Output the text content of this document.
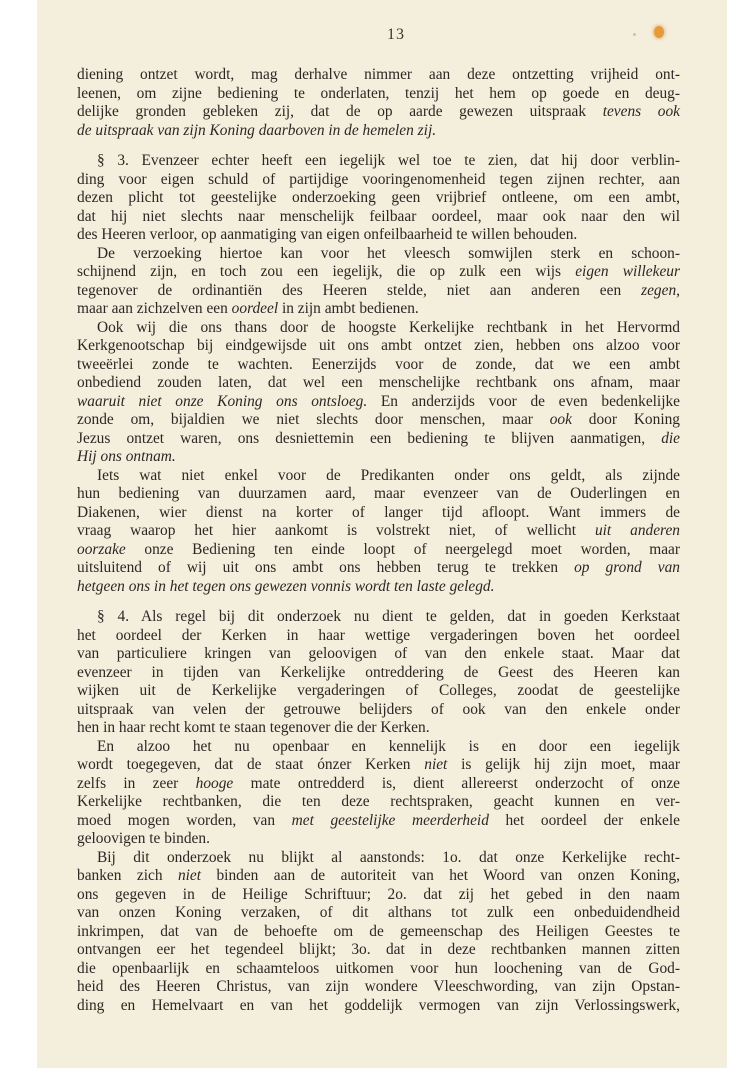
13
diening ontzet wordt, mag derhalve nimmer aan deze ontzetting vrijheid ont-
leenen, om zijne bediening te onderlaten, tenzij het hem op goede en deug-
delijke gronden gebleken zij, dat de op aarde gewezen uitspraak tevens ook
de uitspraak van zijn Koning daarboven in de hemelen zij.
§ 3. Evenzeer echter heeft een iegelijk wel toe te zien, dat hij door verblin-
ding voor eigen schuld of partijdige vooringenomenheid tegen zijnen rechter, aan
dezen plicht tot geestelijke onderzoeking geen vrijbrief ontleene, om een ambt,
dat hij niet slechts naar menschelijk feilbaar oordeel, maar ook naar den wil
des Heeren verloor, op aanmatiging van eigen onfeilbaarheid te willen behouden.
De verzoeking hiertoe kan voor het vleesch somwijlen sterk en schoon-
schijnend zijn, en toch zou een iegelijk, die op zulk een wijs eigen willekeur
tegenover de ordinantiën des Heeren stelde, niet aan anderen een zegen,
maar aan zichzelven een oordeel in zijn ambt bedienen.
Ook wij die ons thans door de hoogste Kerkelijke rechtbank in het Hervormd
Kerkgenootschap bij eindgewijsde uit ons ambt ontzet zien, hebben ons alzoo voor
tweeërlei zonde te wachten. Eenerzijds voor de zonde, dat we een ambt
onbediend zouden laten, dat wel een menschelijke rechtbank ons afnam, maar
waaruit niet onze Koning ons ontsloeg. En anderzijds voor de even bedenkelijke
zonde om, bijaldien we niet slechts door menschen, maar ook door Koning
Jezus ontzet waren, ons desniettemin een bediening te blijven aanmatigen, die
Hij ons ontnam.
Iets wat niet enkel voor de Predikanten onder ons geldt, als zijnde
hun bediening van duurzamen aard, maar evenzeer van de Ouderlingen en
Diakenen, wier dienst na korter of langer tijd afloopt. Want immers de
vraag waarop het hier aankomt is volstrekt niet, of wellicht uit anderen
oorzake onze Bediening ten einde loopt of neergelegd moet worden, maar
uitsluitend of wij uit ons ambt ons hebben terug te trekken op grond van
hetgeen ons in het tegen ons gewezen vonnis wordt ten laste gelegd.
§ 4. Als regel bij dit onderzoek nu dient te gelden, dat in goeden Kerkstaat
het oordeel der Kerken in haar wettige vergaderingen boven het oordeel
van particuliere kringen van geloovigen of van den enkele staat. Maar dat
evenzeer in tijden van Kerkelijke ontreddering de Geest des Heeren kan
wijken uit de Kerkelijke vergaderingen of Colleges, zoodat de geestelijke
uitspraak van velen der getrouwe belijders of ook van den enkele onder
hen in haar recht komt te staan tegenover die der Kerken.
En alzoo het nu openbaar en kennelijk is en door een iegelijk
wordt toegegeven, dat de staat ónzer Kerken niet is gelijk hij zijn moet, maar
zelfs in zeer hooge mate ontredderd is, dient allereerst onderzocht of onze
Kerkelijke rechtbanken, die ten deze rechtspraken, geacht kunnen en ver-
moed mogen worden, van met geestelijke meerderheid het oordeel der enkele
geloovigen te binden.
Bij dit onderzoek nu blijkt al aanstonds: 1o. dat onze Kerkelijke recht-
banken zich niet binden aan de autoriteit van het Woord van onzen Koning,
ons gegeven in de Heilige Schriftuur; 2o. dat zij het gebed in den naam
van onzen Koning verzaken, of dit althans tot zulk een onbeduidendheid
inkrimpen, dat van de behoefte om de gemeenschap des Heiligen Geestes te
ontvangen eer het tegendeel blijkt; 3o. dat in deze rechtbanken mannen zitten
die openbaarlijk en schaamteloos uitkomen voor hun loochening van de God-
heid des Heeren Christus, van zijn wondere Vleeschwording, van zijn Opstan-
ding en Hemelvaart en van het goddelijk vermogen van zijn Verlossingswerk,
